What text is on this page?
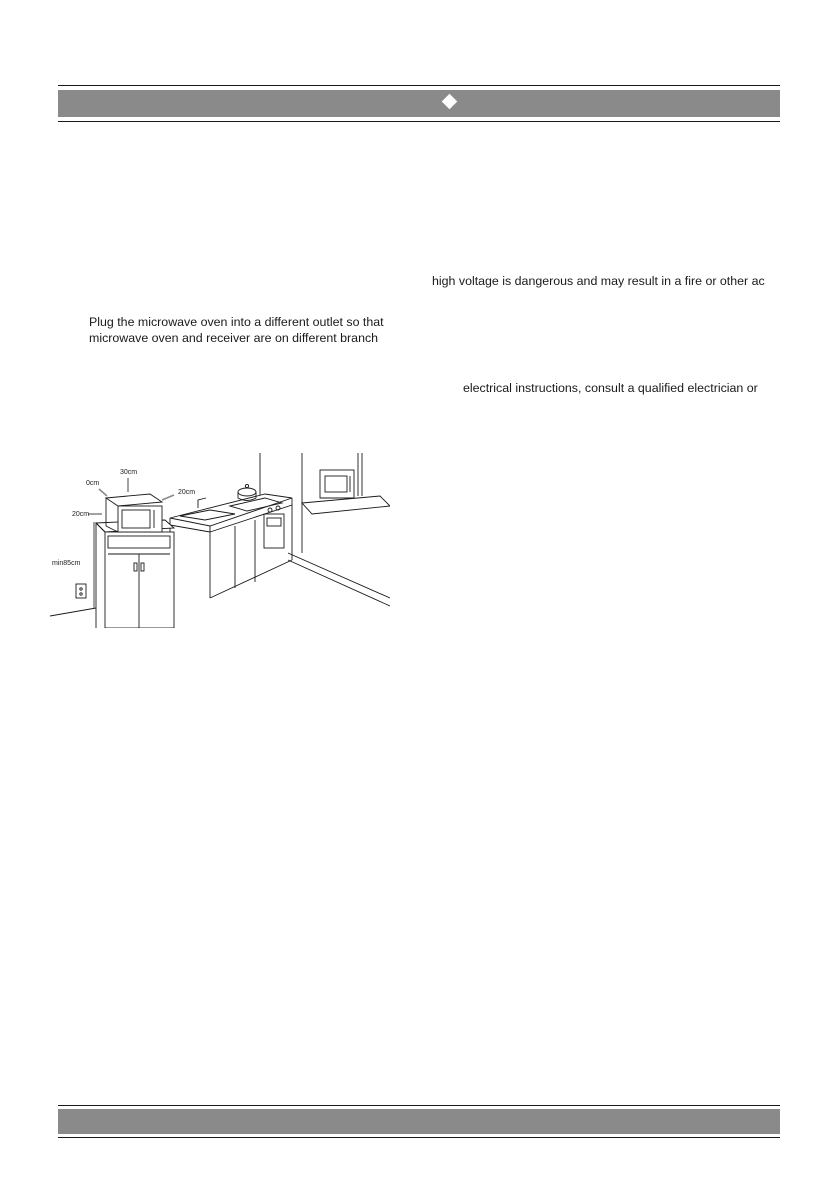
high voltage is dangerous and may result in a fire or other ac
electrical instructions, consult a qualified electrician or
Plug the microwave oven into a different outlet so that
microwave oven and receiver are on different branch
30cm
0cm
20cm
20cm
min85cm
